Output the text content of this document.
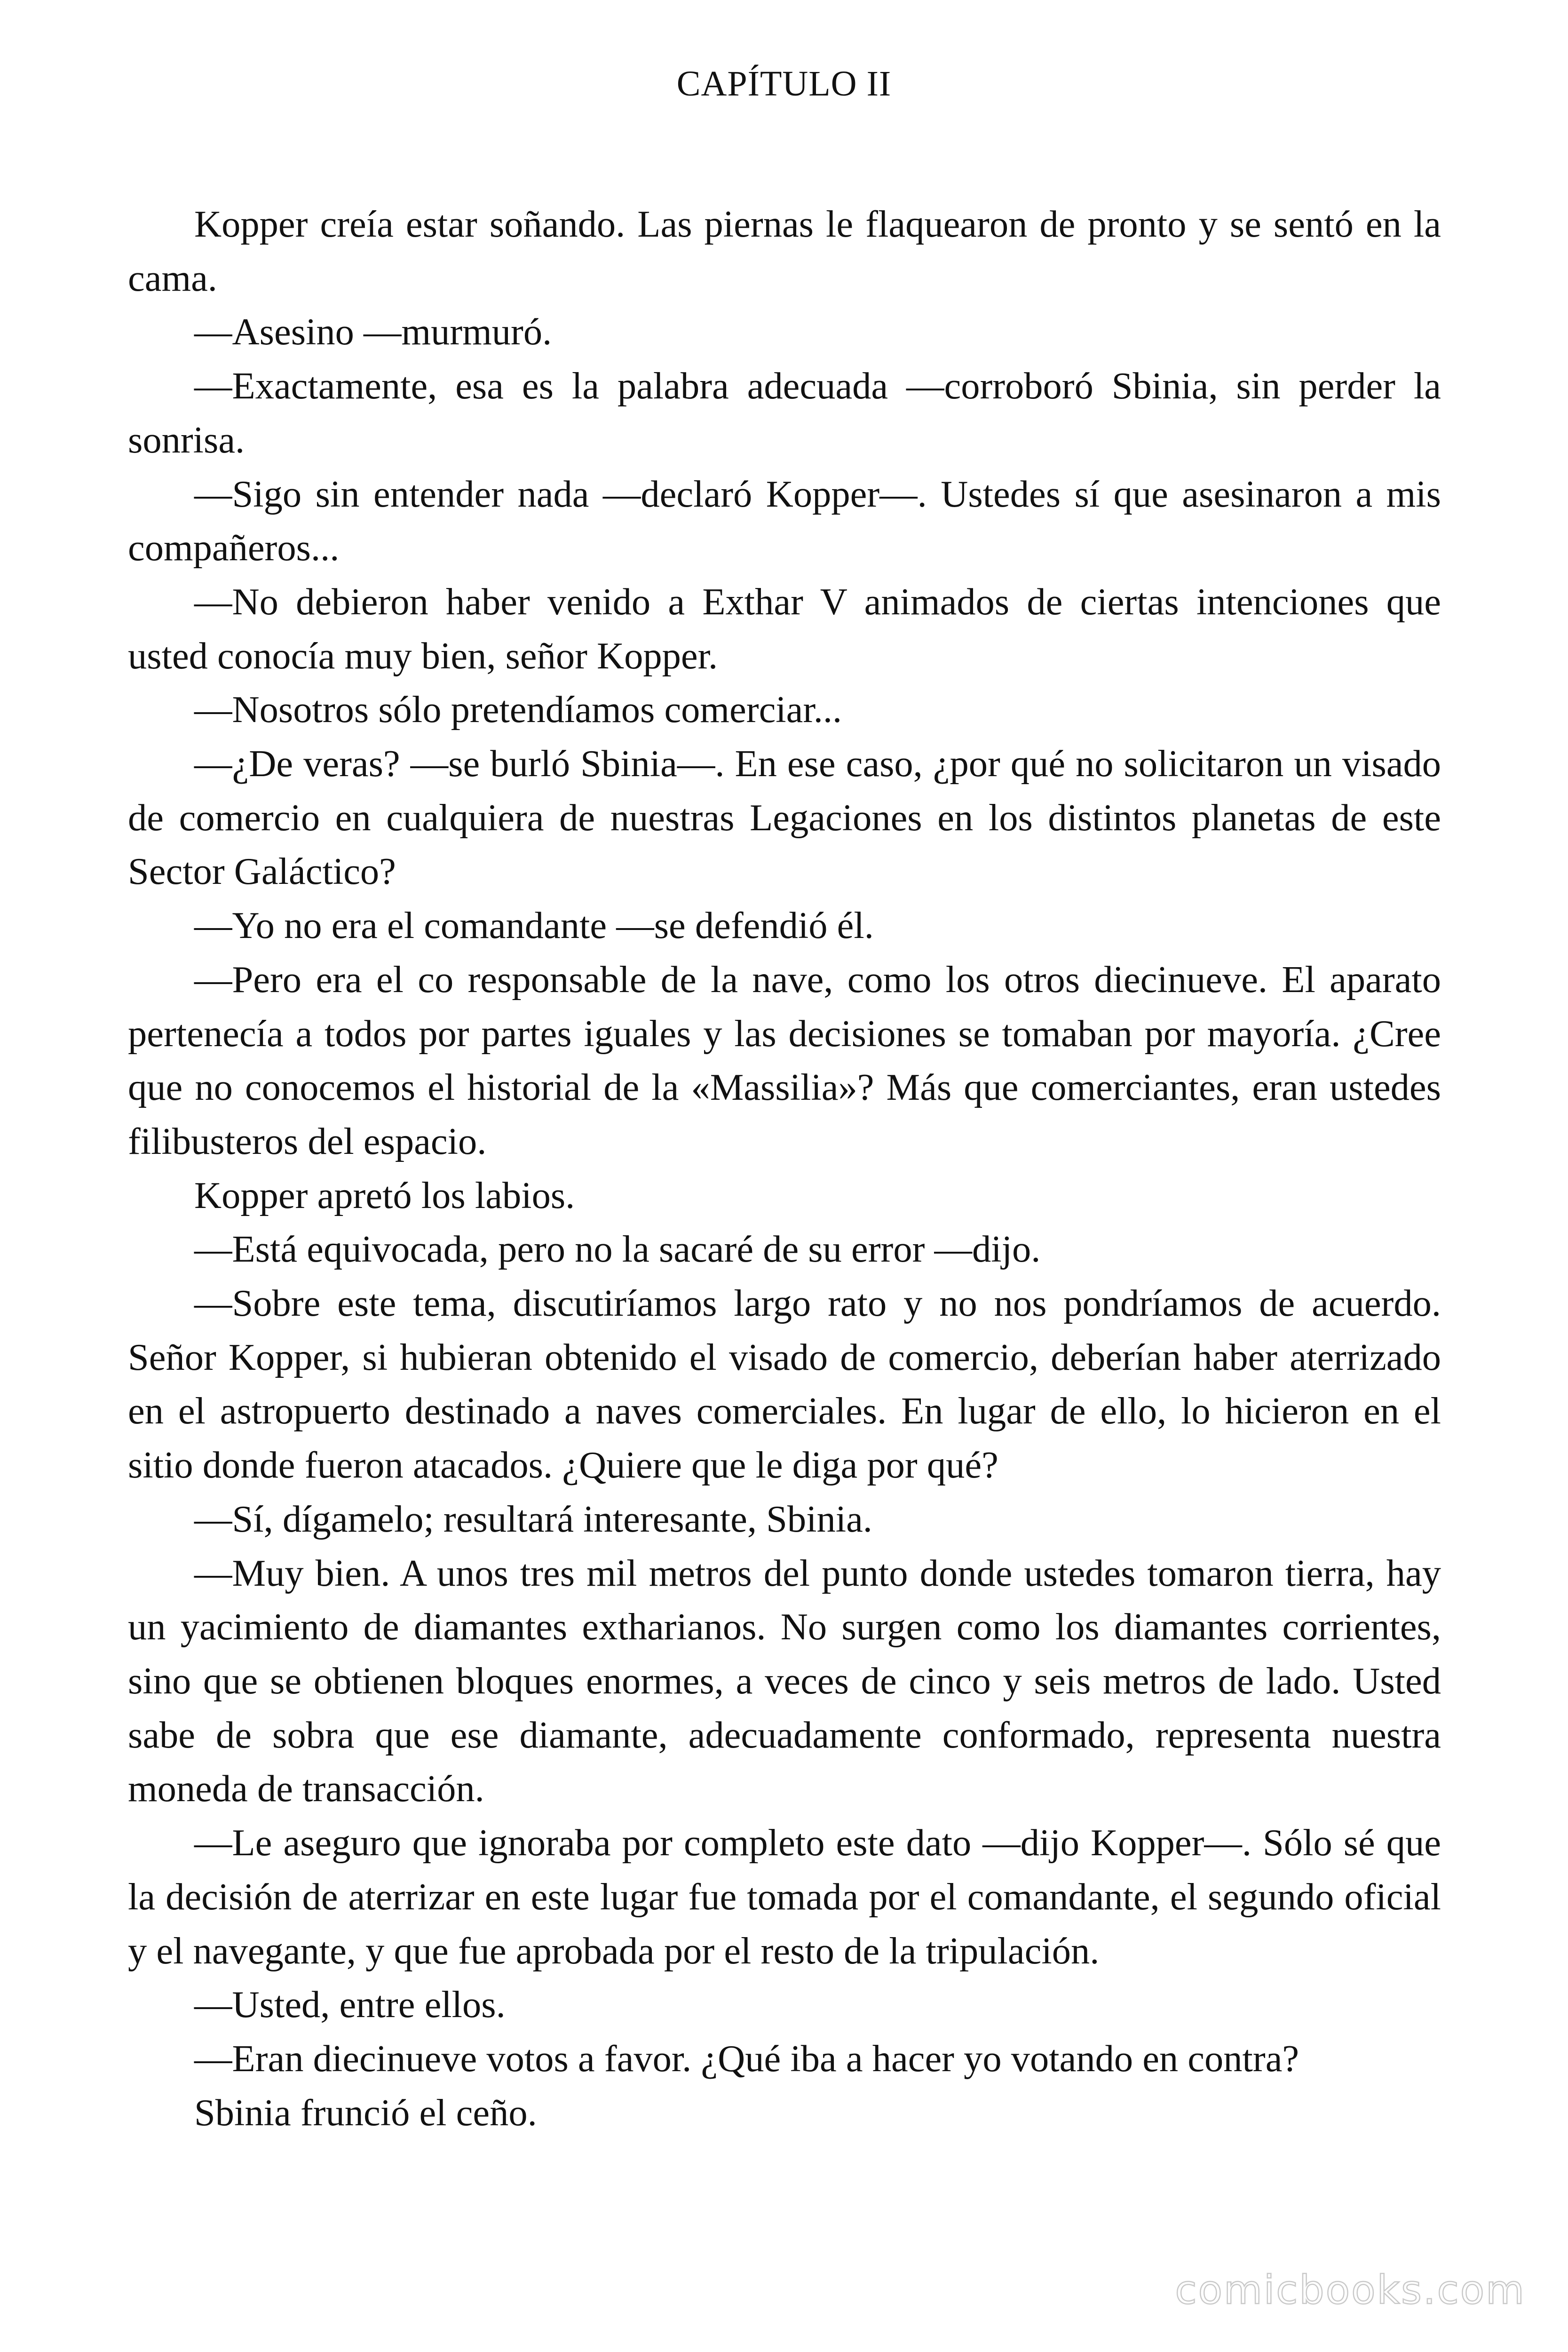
CAPÍTULO II

Kopper creía estar soñando. Las piernas le flaquearon de pronto y se sentó en la cama.

—Asesino —murmuró.

—Exactamente, esa es la palabra adecuada —corroboró Sbinia, sin perder la sonrisa.

—Sigo sin entender nada —declaró Kopper—. Ustedes sí que asesinaron a mis compañeros...

—No debieron haber venido a Exthar V animados de ciertas intenciones que usted conocía muy bien, señor Kopper.

—Nosotros sólo pretendíamos comerciar...

—¿De veras? —se burló Sbinia—. En ese caso, ¿por qué no solicitaron un visado de comercio en cualquiera de nuestras Legaciones en los distintos planetas de este Sector Galáctico?

—Yo no era el comandante —se defendió él.

—Pero era el co responsable de la nave, como los otros diecinueve. El aparato pertenecía a todos por partes iguales y las decisiones se tomaban por mayoría. ¿Cree que no conocemos el historial de la «Massilia»? Más que comerciantes, eran ustedes filibusteros del espacio.

Kopper apretó los labios.

—Está equivocada, pero no la sacaré de su error —dijo.

—Sobre este tema, discutiríamos largo rato y no nos pondríamos de acuerdo. Señor Kopper, si hubieran obtenido el visado de comercio, deberían haber aterrizado en el astropuerto destinado a naves comerciales. En lugar de ello, lo hicieron en el sitio donde fueron atacados. ¿Quiere que le diga por qué?

—Sí, dígamelo; resultará interesante, Sbinia.

—Muy bien. A unos tres mil metros del punto donde ustedes tomaron tierra, hay un yacimiento de diamantes extharianos. No surgen como los diamantes corrientes, sino que se obtienen bloques enormes, a veces de cinco y seis metros de lado. Usted sabe de sobra que ese diamante, adecuadamente conformado, representa nuestra moneda de transacción.

—Le aseguro que ignoraba por completo este dato —dijo Kopper—. Sólo sé que la decisión de aterrizar en este lugar fue tomada por el comandante, el segundo oficial y el navegante, y que fue aprobada por el resto de la tripulación.

—Usted, entre ellos.

—Eran diecinueve votos a favor. ¿Qué iba a hacer yo votando en contra?

Sbinia frunció el ceño.

comicbooks.com
